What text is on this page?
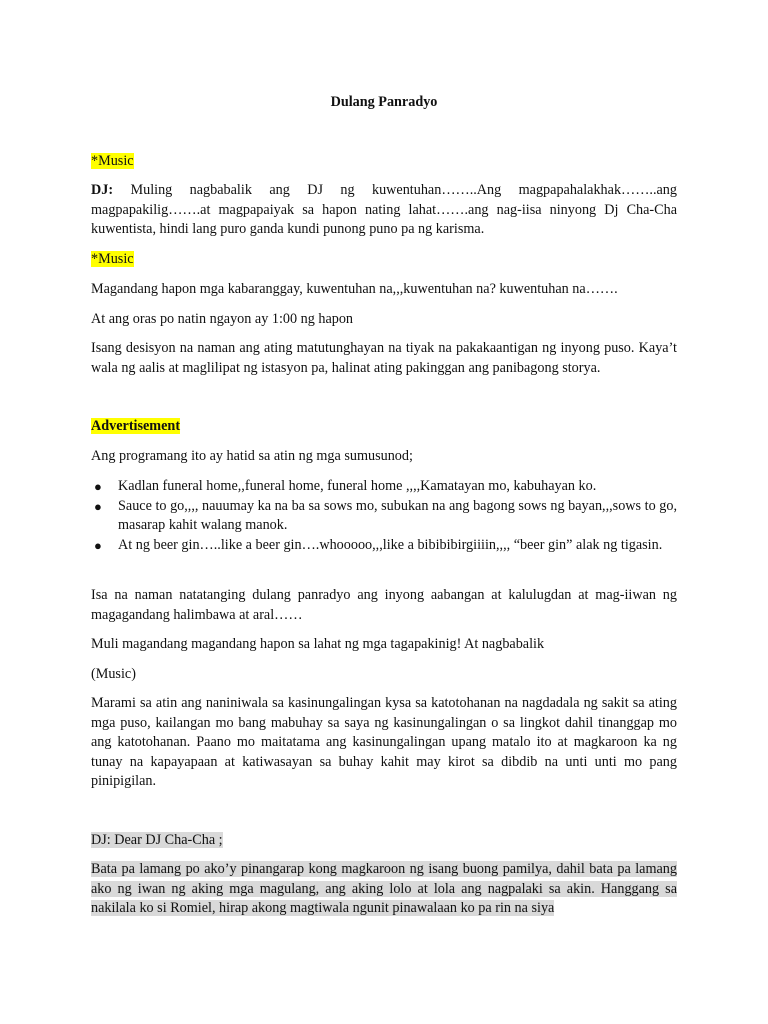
Dulang Panradyo
*Music
DJ: Muling nagbabalik ang DJ ng kuwentuhan……..Ang magpapahalakhak……..ang magpapakilig…….at magpapaiyak sa hapon nating lahat…….ang nag-iisa ninyong Dj Cha-Cha kuwentista, hindi lang puro ganda kundi punong puno pa ng karisma.
*Music
Magandang hapon mga kabaranggay, kuwentuhan na,,,kuwentuhan na? kuwentuhan na…….
At ang oras po natin ngayon ay 1:00 ng hapon
Isang desisyon na naman ang ating matutunghayan na tiyak na pakakaantigan ng inyong puso. Kaya’t wala ng aalis at maglilipat ng istasyon pa, halinat ating pakinggan ang panibagong storya.
Advertisement
Ang programang ito ay hatid sa atin ng mga sumusunod;
● Kadlan funeral home,,funeral home, funeral home ,,,,Kamatayan mo, kabuhayan ko.
● Sauce to go,,,, nauumay ka na ba sa sows mo, subukan na ang bagong sows ng bayan,,,sows to go, masarap kahit walang manok.
● At ng beer gin…..like a beer gin….whooooo,,,like a bibibibirgiiiin,,,, “beer gin” alak ng tigasin.
Isa na naman natatanging dulang panradyo ang inyong aabangan at kalulugdan at mag-iiwan ng magagandang halimbawa at aral……
Muli magandang magandang hapon sa lahat ng mga tagapakinig! At nagbabalik
(Music)
Marami sa atin ang naniniwala sa kasinungalingan kysa sa katotohanan na nagdadala ng sakit sa ating mga puso, kailangan mo bang mabuhay sa saya ng kasinungalingan o sa lingkot dahil tinanggap mo ang katotohanan. Paano mo maitatama ang kasinungalingan upang matalo ito at magkaroon ka ng tunay na kapayapaan at katiwasayan sa buhay kahit may kirot sa dibdib na unti unti mo pang pinipigilan.
DJ: Dear DJ Cha-Cha ;
Bata pa lamang po ako’y pinangarap kong magkaroon ng isang buong pamilya, dahil bata pa lamang ako ng iwan ng aking mga magulang, ang aking lolo at lola ang nagpalaki sa akin. Hanggang sa nakilala ko si Romiel, hirap akong magtiwala ngunit pinawalaan ko pa rin na siya
